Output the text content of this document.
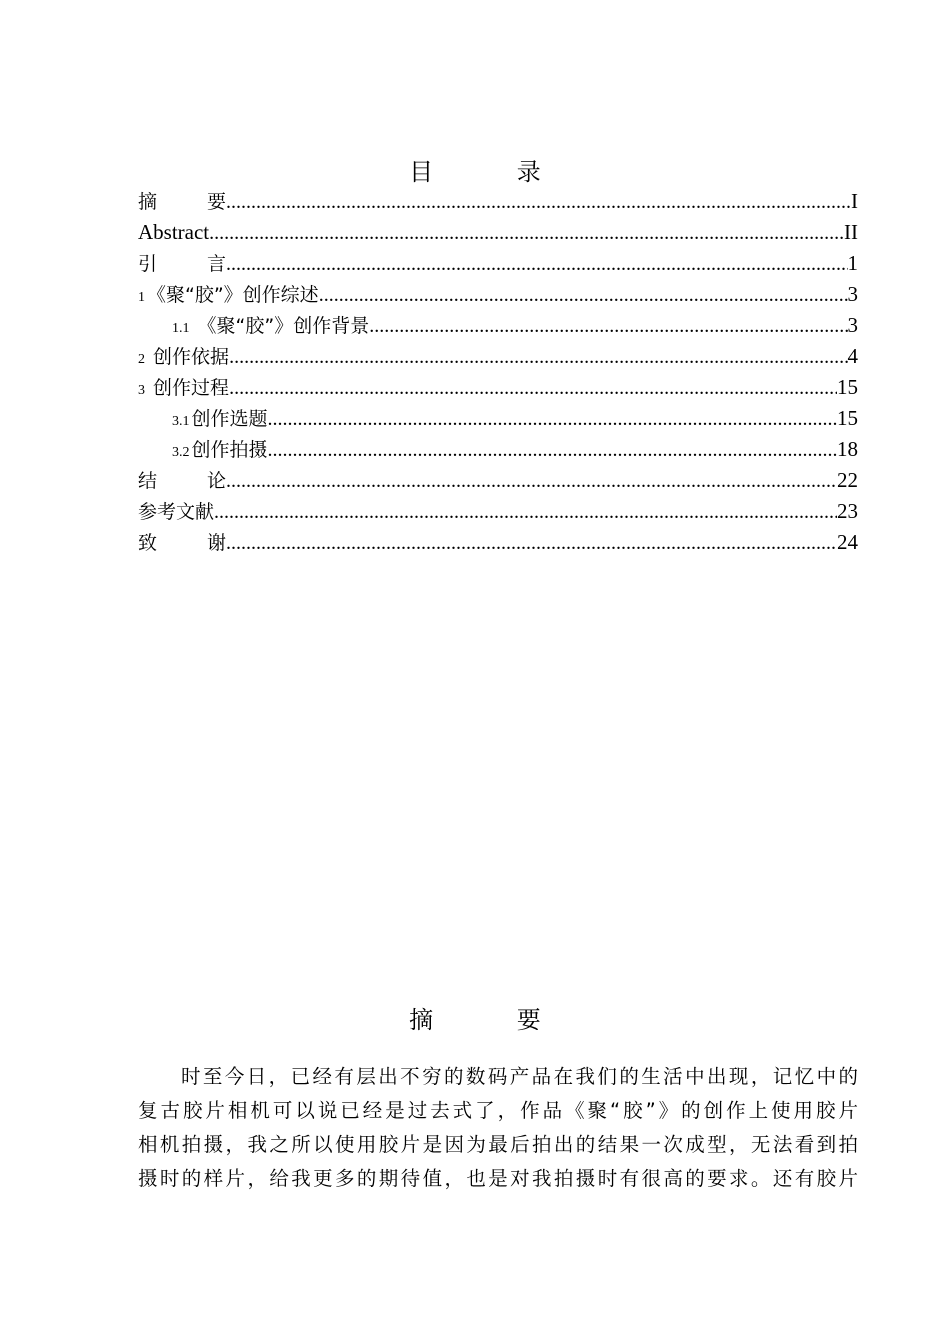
目 录
摘	要 .....	I
Abstract .....	II
引	言 .....	1
1 《聚“胶”》创作综述 .....	3
1.1 《聚“胶”》创作背景 .....	3
2 创作依据 .....	4
3 创作过程 .....	15
3.1 创作选题 .....	15
3.2 创作拍摄 .....	18
结	论 .....	22
参考文献 .....	23
致	谢 .....	24
摘 要
时至今日，已经有层出不穷的数码产品在我们的生活中出现，记忆中的
复古胶片相机可以说已经是过去式了，作品《聚“胶”》的创作上使用胶片
相机拍摄，我之所以使用胶片是因为最后拍出的结果一次成型，无法看到拍
摄时的样片，给我更多的期待值，也是对我拍摄时有很高的要求。还有胶片
